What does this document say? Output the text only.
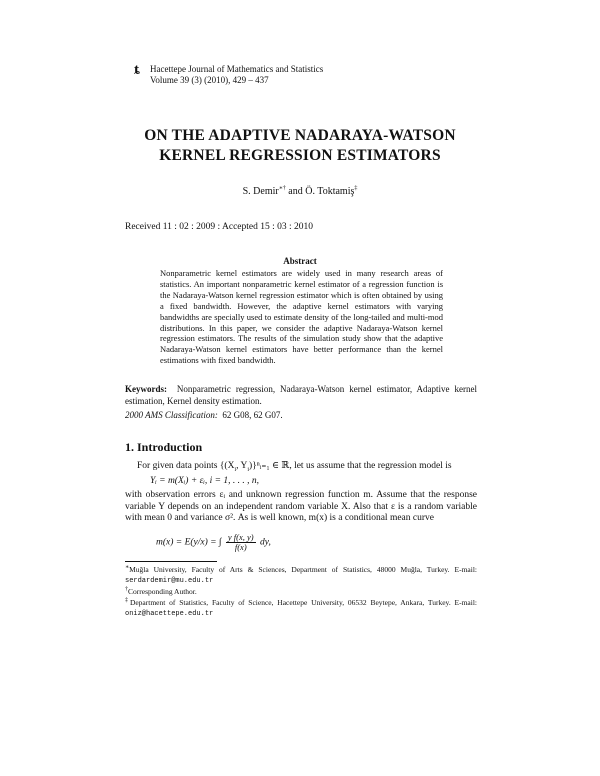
ȶ Hacettepe Journal of Mathematics and Statistics
Volume 39 (3) (2010), 429 – 437
ON THE ADAPTIVE NADARAYA-WATSON
KERNEL REGRESSION ESTIMATORS
S. Demir∗† and Ö. Toktamiş‡
Received 11 : 02 : 2009 : Accepted 15 : 03 : 2010
Abstract
Nonparametric kernel estimators are widely used in many research areas of statistics. An important nonparametric kernel estimator of a regression function is the Nadaraya-Watson kernel regression estimator which is often obtained by using a fixed bandwidth. However, the adaptive kernel estimators with varying bandwidths are specially used to estimate density of the long-tailed and multi-mod distributions. In this paper, we consider the adaptive Nadaraya-Watson kernel regression estimators. The results of the simulation study show that the adaptive Nadaraya-Watson kernel estimators have better performance than the kernel estimations with fixed bandwidth.
Keywords: Nonparametric regression, Nadaraya-Watson kernel estimator, Adaptive kernel estimation, Kernel density estimation.
2000 AMS Classification: 62 G08, 62 G07.
1. Introduction
For given data points {($X_i$, $Y_i)\}^nᵢ_{=1}$ ∈ ℝ, let us assume that the regression model is
Yᵢ = m(Xᵢ) + εᵢ, i = 1, . . . , n,
with observation errors εᵢ and unknown regression function m. Assume that the response variable Y depends on an independent random variable X. Also that ε is a random variable with mean 0 and variance σ². As is well known, m(x) is a conditional mean curve
m(x) = E(y/x) = ∫ $\frac{\text{y f(x, y)}}{f(x)}$ dy,
∗Muğla University, Faculty of Arts & Sciences, Department of Statistics, 48000 Muğla, Turkey. E-mail: serdardemir@mu.edu.tr
†Corresponding Author.
‡Department of Statistics, Faculty of Science, Hacettepe University, 06532 Beytepe, Ankara, Turkey. E-mail: oniz@hacettepe.edu.tr
